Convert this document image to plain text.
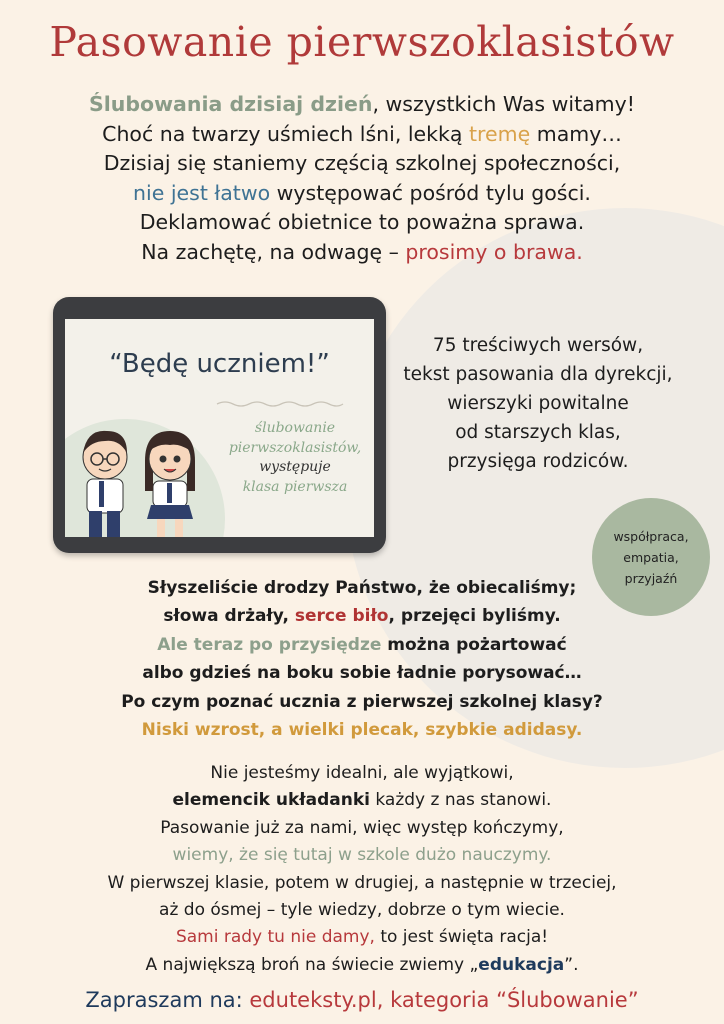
Pasowanie pierwszoklasistów
Ślubowania dzisiaj dzień, wszystkich Was witamy!
Choć na twarzy uśmiech lśni, lekką tremę mamy…
Dzisiaj się staniemy częścią szkolnej społeczności,
nie jest łatwo występować pośród tylu gości.
Deklamować obietnice to poważna sprawa.
Na zachętę, na odwagę – prosimy o brawa.
“Będę uczniem!”
ślubowanie
pierwszoklasistów,
występuje
klasa pierwsza
75 treściwych wersów,
tekst pasowania dla dyrekcji,
wierszyki powitalne
od starszych klas,
przysięga rodziców.
współpraca,
empatia,
przyjaźń
Słyszeliście drodzy Państwo, że obiecaliśmy;
słowa drżały, serce biło, przejęci byliśmy.
Ale teraz po przysiędze można pożartować
albo gdzieś na boku sobie ładnie porysować…
Po czym poznać ucznia z pierwszej szkolnej klasy?
Niski wzrost, a wielki plecak, szybkie adidasy.
Nie jesteśmy idealni, ale wyjątkowi,
elemencik układanki każdy z nas stanowi.
Pasowanie już za nami, więc występ kończymy,
wiemy, że się tutaj w szkole dużo nauczymy.
W pierwszej klasie, potem w drugiej, a następnie w trzeciej,
aż do ósmej – tyle wiedzy, dobrze o tym wiecie.
Sami rady tu nie damy, to jest święta racja!
A największą broń na świecie zwiemy „edukacja”.
Zapraszam na: eduteksty.pl, kategoria “Ślubowanie”
